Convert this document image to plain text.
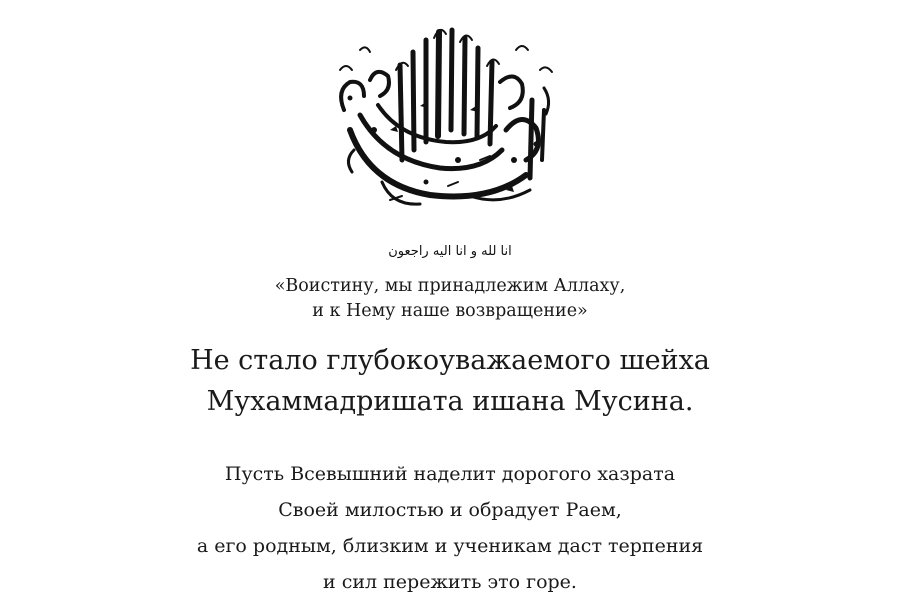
انا لله و انا اليه راجعون
«Воистину, мы принадлежим Аллаху,
и к Нему наше возвращение»
Не стало глубокоуважаемого шейха
Мухаммадришата ишана Мусина.
Пусть Всевышний наделит дорогого хазрата
Своей милостью и обрадует Раем,
а его родным, близким и ученикам даст терпения
и сил пережить это горе.
